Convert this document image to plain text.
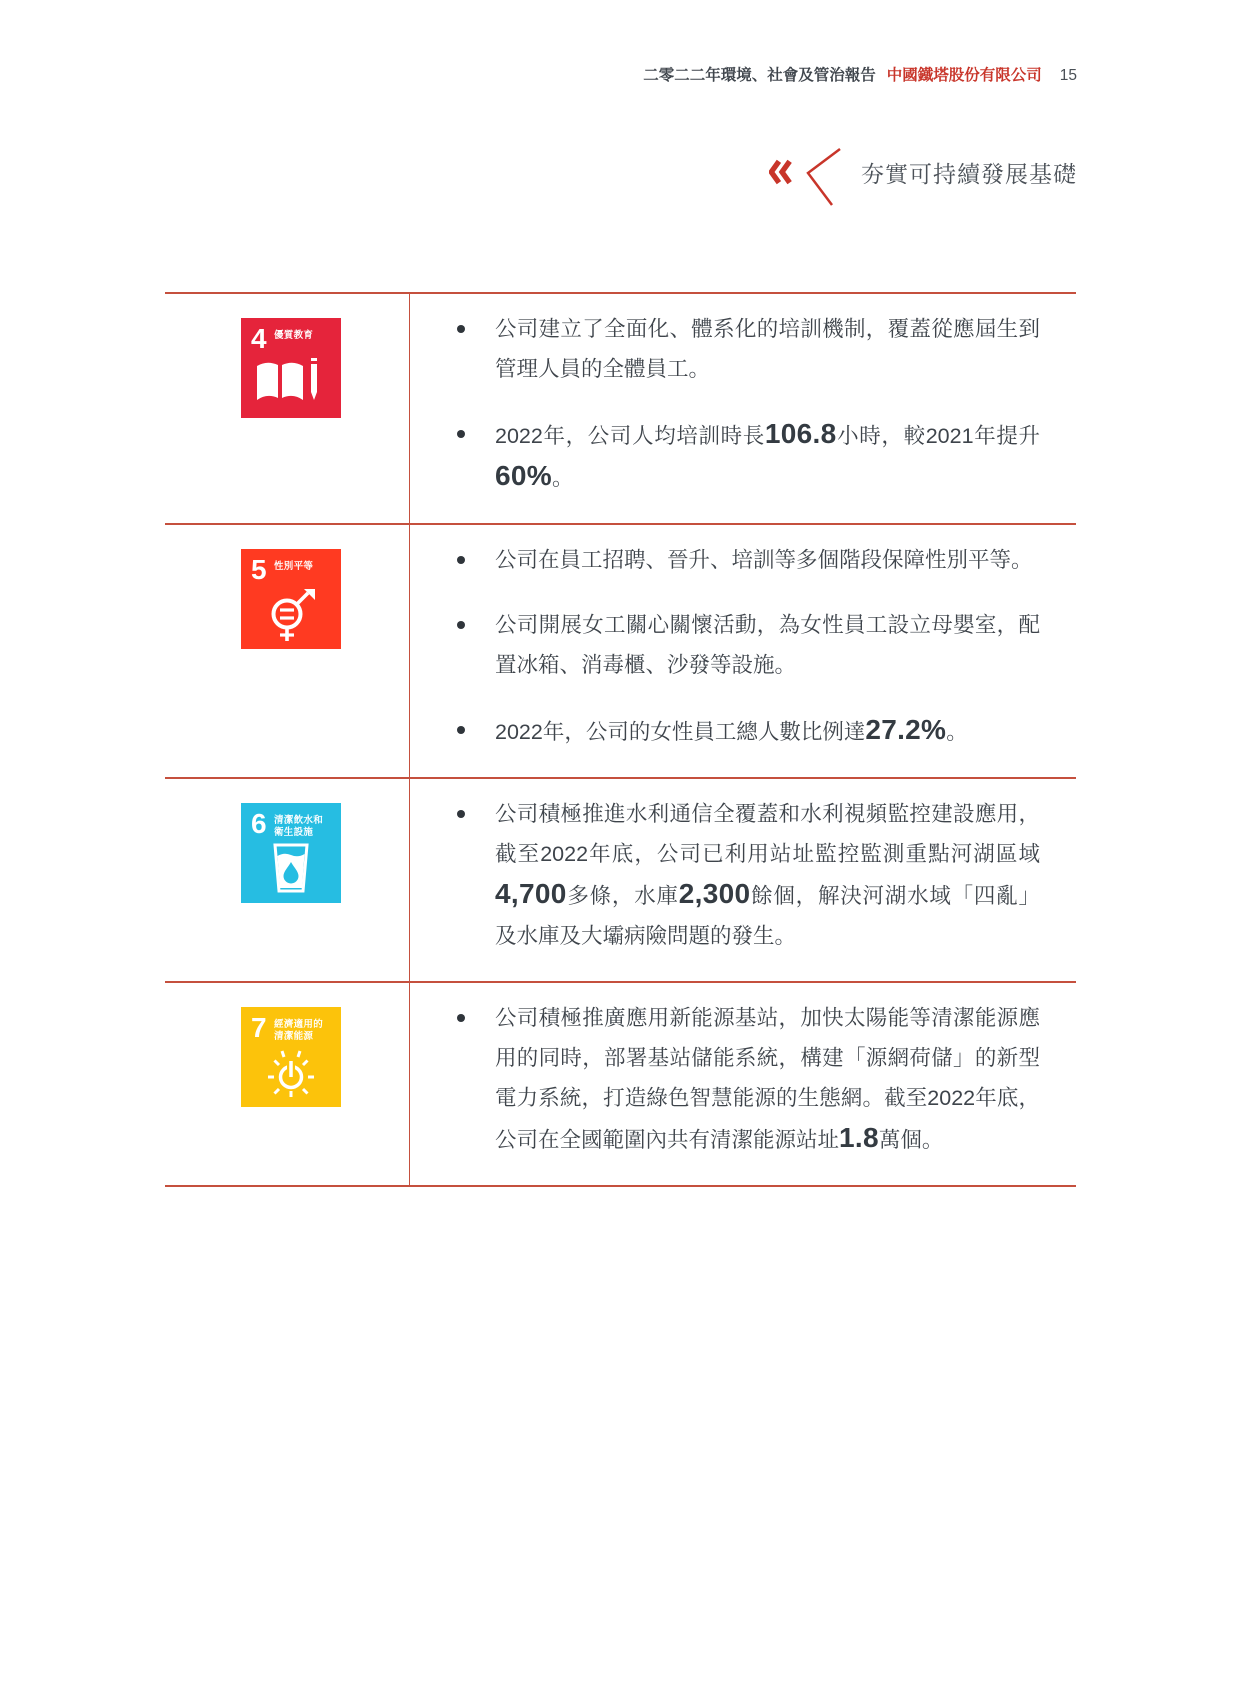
二零二二年環境、社會及管治報告 中國鐵塔股份有限公司 15
夯實可持續發展基礎
4 優質教育	公司建立了全面化、體系化的培訓機制，覆蓋從應屆生到管理人員的全體員工。

2022年，公司人均培訓時長106.8小時，較2021年提升60%。

5 性別平等	公司在員工招聘、晉升、培訓等多個階段保障性別平等。

公司開展女工關心關懷活動，為女性員工設立母嬰室，配置冰箱、消毒櫃、沙發等設施。

2022年，公司的女性員工總人數比例達27.2%。

6 清潔飲水和
衛生設施

公司積極推進水利通信全覆蓋和水利視頻監控建設應用，截至2022年底，公司已利用站址監控監測重點河湖區域4,700多條，水庫2,300餘個，解決河湖水域「四亂」及水庫及大壩病險問題的發生。

7 經濟適用的
清潔能源

公司積極推廣應用新能源基站，加快太陽能等清潔能源應用的同時，部署基站儲能系統，構建「源網荷儲」的新型電力系統，打造綠色智慧能源的生態網。截至2022年底，公司在全國範圍內共有清潔能源站址1.8萬個。
